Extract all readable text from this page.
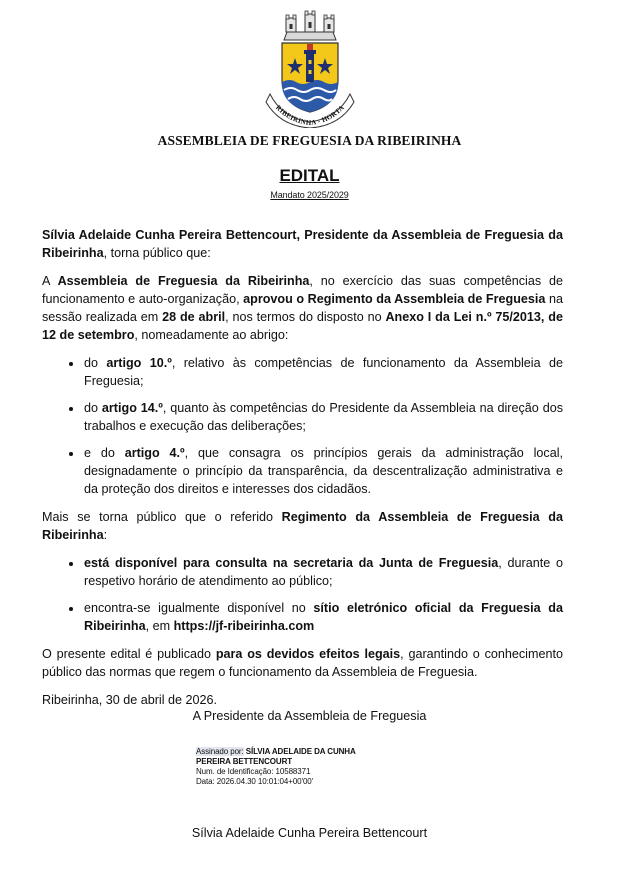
RIBEIRINHA - HORTA
ASSEMBLEIA DE FREGUESIA DA RIBEIRINHA
EDITAL
Mandato 2025/2029

Sílvia Adelaide Cunha Pereira Bettencourt, Presidente da Assembleia de Freguesia da Ribeirinha, torna público que:

A Assembleia de Freguesia da Ribeirinha, no exercício das suas competências de funcionamento e auto-organização, aprovou o Regimento da Assembleia de Freguesia na sessão realizada em 28 de abril, nos termos do disposto no Anexo I da Lei n.º 75/2013, de 12 de setembro, nomeadamente ao abrigo:

• do artigo 10.º, relativo às competências de funcionamento da Assembleia de Freguesia;
• do artigo 14.º, quanto às competências do Presidente da Assembleia na direção dos trabalhos e execução das deliberações;
• e do artigo 4.º, que consagra os princípios gerais da administração local, designadamente o princípio da transparência, da descentralização administrativa e da proteção dos direitos e interesses dos cidadãos.

Mais se torna público que o referido Regimento da Assembleia de Freguesia da Ribeirinha:

• está disponível para consulta na secretaria da Junta de Freguesia, durante o respetivo horário de atendimento ao público;
• encontra-se igualmente disponível no sítio eletrónico oficial da Freguesia da Ribeirinha, em https://jf-ribeirinha.com

O presente edital é publicado para os devidos efeitos legais, garantindo o conhecimento público das normas que regem o funcionamento da Assembleia de Freguesia.

Ribeirinha, 30 de abril de 2026.

A Presidente da Assembleia de Freguesia
Assinado por: SÍLVIA ADELAIDE DA CUNHA
PEREIRA BETTENCOURT
Num. de Identificação: 10588371
Data: 2026.04.30 10:01:04+00'00'
Sílvia Adelaide Cunha Pereira Bettencourt
